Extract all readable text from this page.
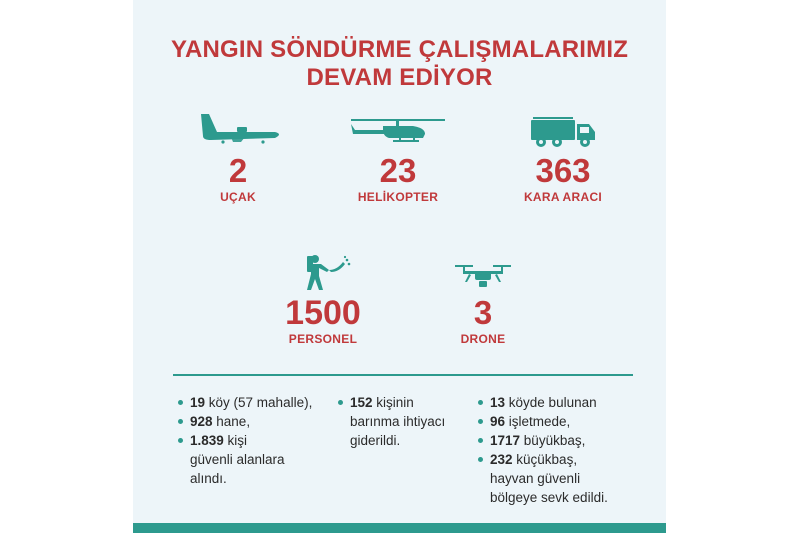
YANGIN SÖNDÜRME ÇALIŞMALARIMIZ
DEVAM EDİYOR
2
UÇAK
23
HELİKOPTER
363
KARA ARACI
1500
PERSONEL
3
DRONE
19 köy (57 mahalle),
928 hane,
1.839 kişi
güvenli alanlara
alındı.
152 kişinin
barınma ihtiyacı
giderildi.
13 köyde bulunan
96 işletmede,
1717 büyükbaş,
232 küçükbaş,
hayvan güvenli
bölgeye sevk edildi.
